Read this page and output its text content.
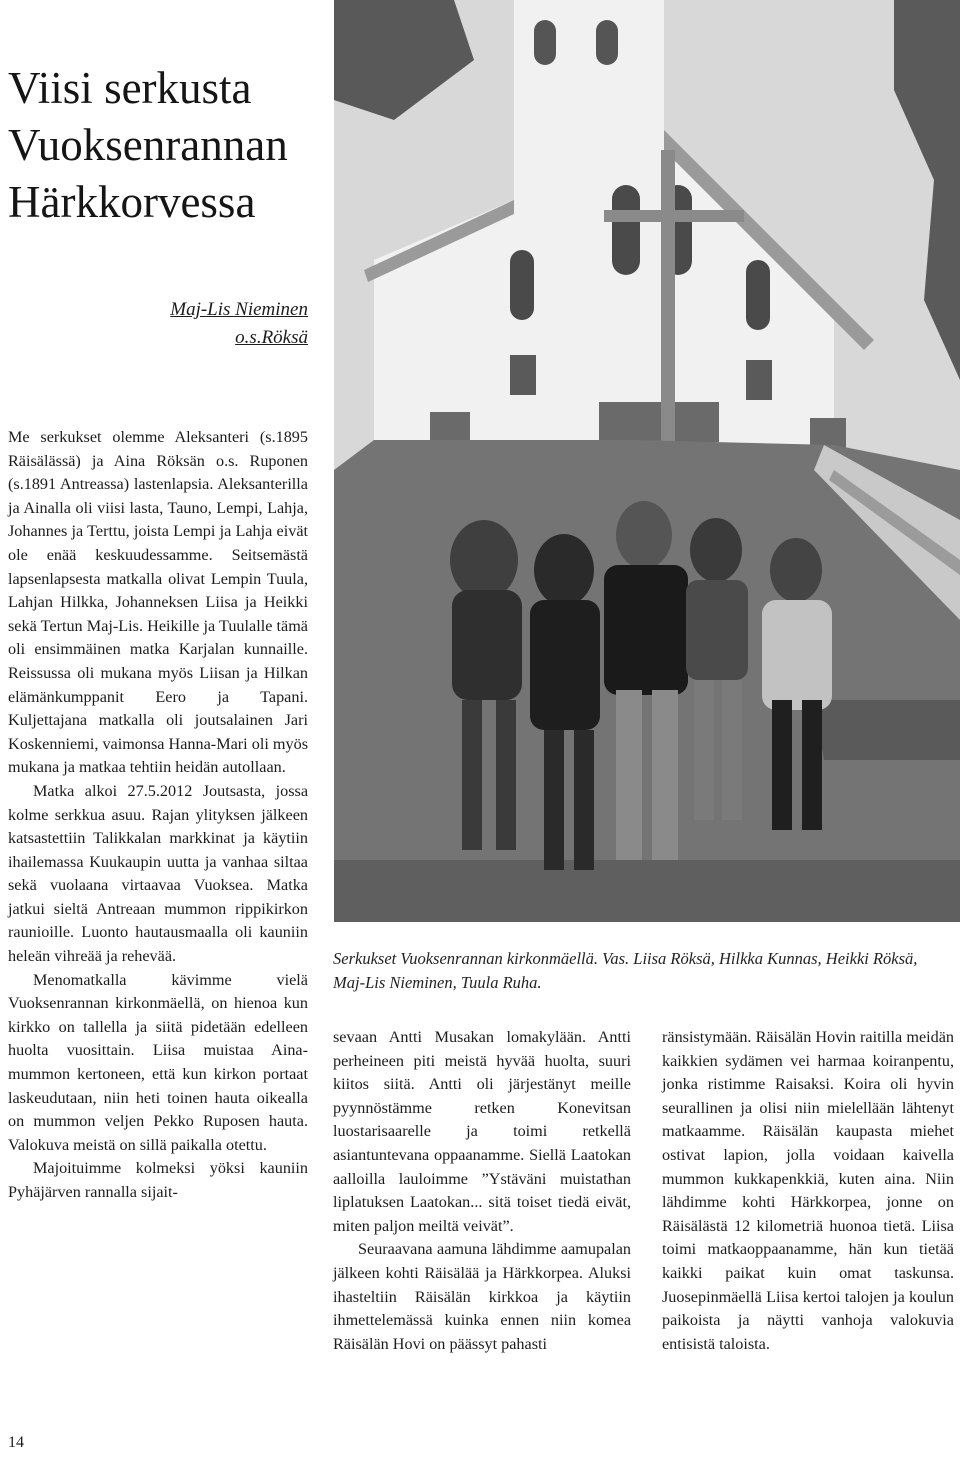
Viisi serkusta
Vuoksenrannan
Härkkorvessa
Maj-Lis Nieminen
o.s.Röksä

Me serkukset olemme Aleksanteri (s.1895 Räisälässä) ja Aina Röksän o.s. Ruponen (s.1891 Antreassa) lastenlapsia. Aleksanterilla ja Ainalla oli viisi lasta, Tauno, Lempi, Lahja, Johannes ja Terttu, joista Lempi ja Lahja eivät ole enää keskuudessamme. Seitsemästä lapsenlapsesta matkalla olivat Lempin Tuula, Lahjan Hilkka, Johanneksen Liisa ja Heikki sekä Tertun Maj-Lis. Heikille ja Tuulalle tämä oli ensimmäinen matka Karjalan kunnaille. Reissussa oli mukana myös Liisan ja Hilkan elämänkumppanit Eero ja Tapani. Kuljettajana matkalla oli joutsalainen Jari Koskenniemi, vaimonsa Hanna-Mari oli myös mukana ja matkaa tehtiin heidän autollaan.

Matka alkoi 27.5.2012 Joutsasta, jossa kolme serkkua asuu. Rajan ylityksen jälkeen katsastettiin Talikkalan markkinat ja käytiin ihailemassa Kuukaupin uutta ja vanhaa siltaa sekä vuolaana virtaavaa Vuoksea. Matka jatkui sieltä Antreaan mummon rippikirkon raunioille. Luonto hautausmaalla oli kauniin heleän vihreää ja rehevää.

Menomatkalla kävimme vielä Vuoksenrannan kirkonmäellä, on hienoa kun kirkko on tallella ja siitä pidetään edelleen huolta vuosittain. Liisa muistaa Aina-mummon kertoneen, että kun kirkon portaat laskeudutaan, niin heti toinen hauta oikealla on mummon veljen Pekko Ruposen hauta. Valokuva meistä on sillä paikalla otettu.

Majoituimme kolmeksi yöksi kauniin Pyhäjärven rannalla sijait-

Serkukset Vuoksenrannan kirkonmäellä. Vas. Liisa Röksä, Hilkka Kunnas, Heikki Röksä, Maj-Lis Nieminen, Tuula Ruha.

sevaan Antti Musakan lomakylään. Antti perheineen piti meistä hyvää huolta, suuri kiitos siitä. Antti oli järjestänyt meille pyynnöstämme retken Konevitsan luostarisaarelle ja toimi retkellä asiantuntevana oppaanamme. Siellä Laatokan aalloilla lauloimme ”Ystäväni muistathan liplatuksen Laatokan... sitä toiset tiedä eivät, miten paljon meiltä veivät”.

Seuraavana aamuna lähdimme aamupalan jälkeen kohti Räisälää ja Härkkorpea. Aluksi ihasteltiin Räisälän kirkkoa ja käytiin ihmettelemässä kuinka ennen niin komea Räisälän Hovi on päässyt pahasti

ränsistymään. Räisälän Hovin raitilla meidän kaikkien sydämen vei harmaa koiranpentu, jonka ristimme Raisaksi. Koira oli hyvin seurallinen ja olisi niin mielellään lähtenyt matkaamme. Räisälän kaupasta miehet ostivat lapion, jolla voidaan kaivella mummon kukkapenkkiä, kuten aina. Niin lähdimme kohti Härkkorpea, jonne on Räisälästä 12 kilometriä huonoa tietä. Liisa toimi matkaoppaanamme, hän kun tietää kaikki paikat kuin omat taskunsa. Juosepinmäellä Liisa kertoi talojen ja koulun paikoista ja näytti vanhoja valokuvia entisistä taloista.

14
